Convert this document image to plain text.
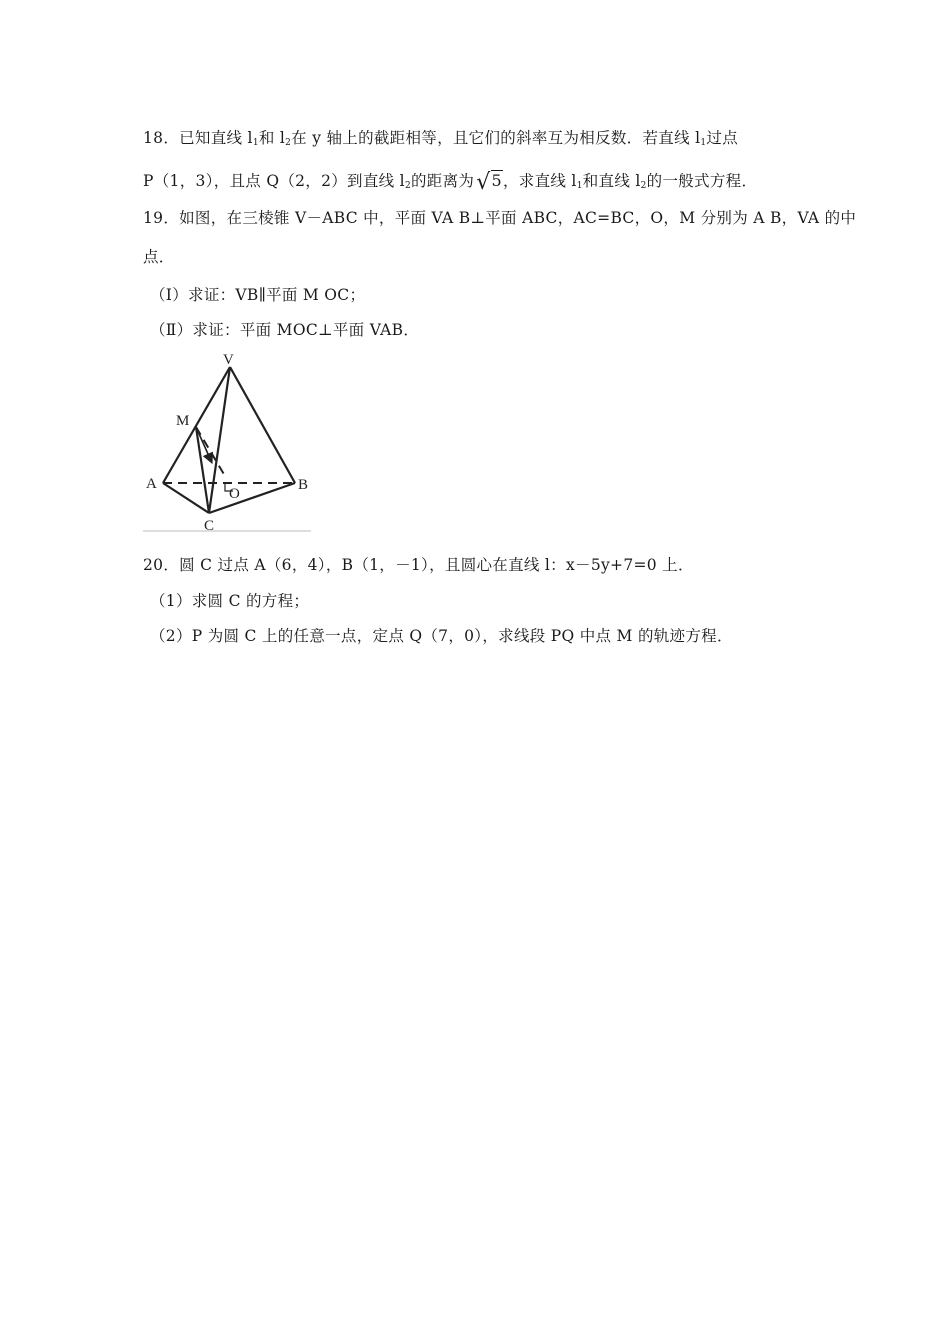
18．已知直线 $l_1$和 $l_2$在 y 轴上的截距相等，且它们的斜率互为相反数．若直线 $l_1$过点
P（1，3），且点 Q（2，2）到直线 $l_2$的距离为√5，求直线 $l_1$和直线 $l_2$的一般式方程．
19．如图，在三棱锥 V－ABC 中，平面 VA B⊥平面 ABC，AC=BC，O，M 分别为 A B，VA 的中
点．
（Ⅰ）求证：VB∥平面 M OC；
（Ⅱ）求证：平面 MOC⊥平面 VAB．
V
M
A
O
B
C
20．圆 C 过点 A（6，4），B（1，－1），且圆心在直线 l：x－5y+7=0 上．
（1）求圆 C 的方程；
（2）P 为圆 C 上的任意一点，定点 Q（7，0），求线段 PQ 中点 M 的轨迹方程．
